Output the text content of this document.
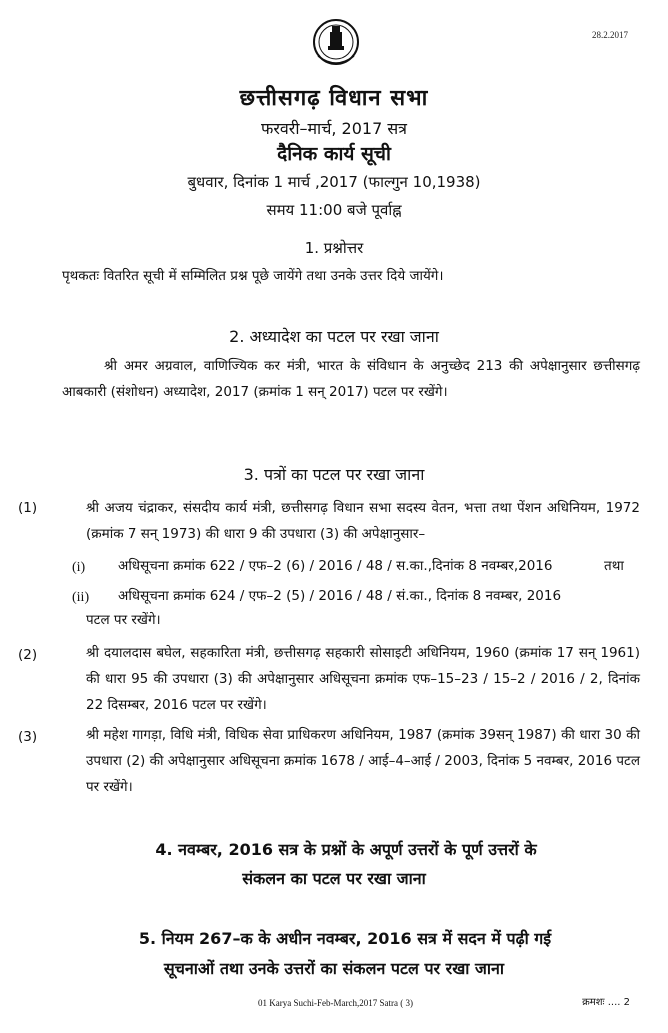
28.2.2017
छत्तीसगढ़ विधान सभा
फरवरी–मार्च, 2017 सत्र
दैनिक कार्य सूची
बुधवार, दिनांक 1 मार्च ,2017 (फाल्गुन 10,1938)
समय 11:00 बजे पूर्वाह्न
1. प्रश्नोत्तर
पृथकतः वितरित सूची में सम्मिलित प्रश्न पूछे जायेंगे तथा उनके उत्तर दिये जायेंगे।
2. अध्यादेश का पटल पर रखा जाना
श्री अमर अग्रवाल, वाणिज्यिक कर मंत्री, भारत के संविधान के अनुच्छेद 213 की अपेक्षानुसार छत्तीसगढ़ आबकारी (संशोधन) अध्यादेश, 2017 (क्रमांक 1 सन् 2017) पटल पर रखेंगे।
3. पत्रों का पटल पर रखा जाना
(1)	श्री अजय चंद्राकर, संसदीय कार्य मंत्री, छत्तीसगढ़ विधान सभा सदस्य वेतन, भत्ता तथा पेंशन अधिनियम, 1972 (क्रमांक 7 सन् 1973) की धारा 9 की उपधारा (3) की अपेक्षानुसार–
(i) अधिसूचना क्रमांक 622 / एफ–2 (6) / 2016 / 48 / स.का.,दिनांक 8 नवम्बर,2016	तथा
(ii) अधिसूचना क्रमांक 624 / एफ–2 (5) / 2016 / 48 / सं.का., दिनांक 8 नवम्बर, 2016
पटल पर रखेंगे।
(2)	श्री दयालदास बघेल, सहकारिता मंत्री, छत्तीसगढ़ सहकारी सोसाइटी अधिनियम, 1960 (क्रमांक 17 सन् 1961) की धारा 95 की उपधारा (3) की अपेक्षानुसार अधिसूचना क्रमांक एफ–15–23 / 15–2 / 2016 / 2, दिनांक 22 दिसम्बर, 2016 पटल पर रखेंगे।
(3)	श्री महेश गागड़ा, विधि मंत्री, विधिक सेवा प्राधिकरण अधिनियम, 1987 (क्रमांक 39सन् 1987) की धारा 30 की उपधारा (2) की अपेक्षानुसार अधिसूचना क्रमांक 1678 / आई–4–आई / 2003, दिनांक 5 नवम्बर, 2016 पटल पर रखेंगे।
4. नवम्बर, 2016 सत्र के प्रश्नों के अपूर्ण उत्तरों के पूर्ण उत्तरों के
संकलन का पटल पर रखा जाना
5. नियम 267–क के अधीन नवम्बर, 2016 सत्र में सदन में पढ़ी गई
सूचनाओं तथा उनके उत्तरों का संकलन पटल पर रखा जाना
01 Karya Suchi-Feb-March,2017 Satra ( 3)	क्रमशः .... 2
